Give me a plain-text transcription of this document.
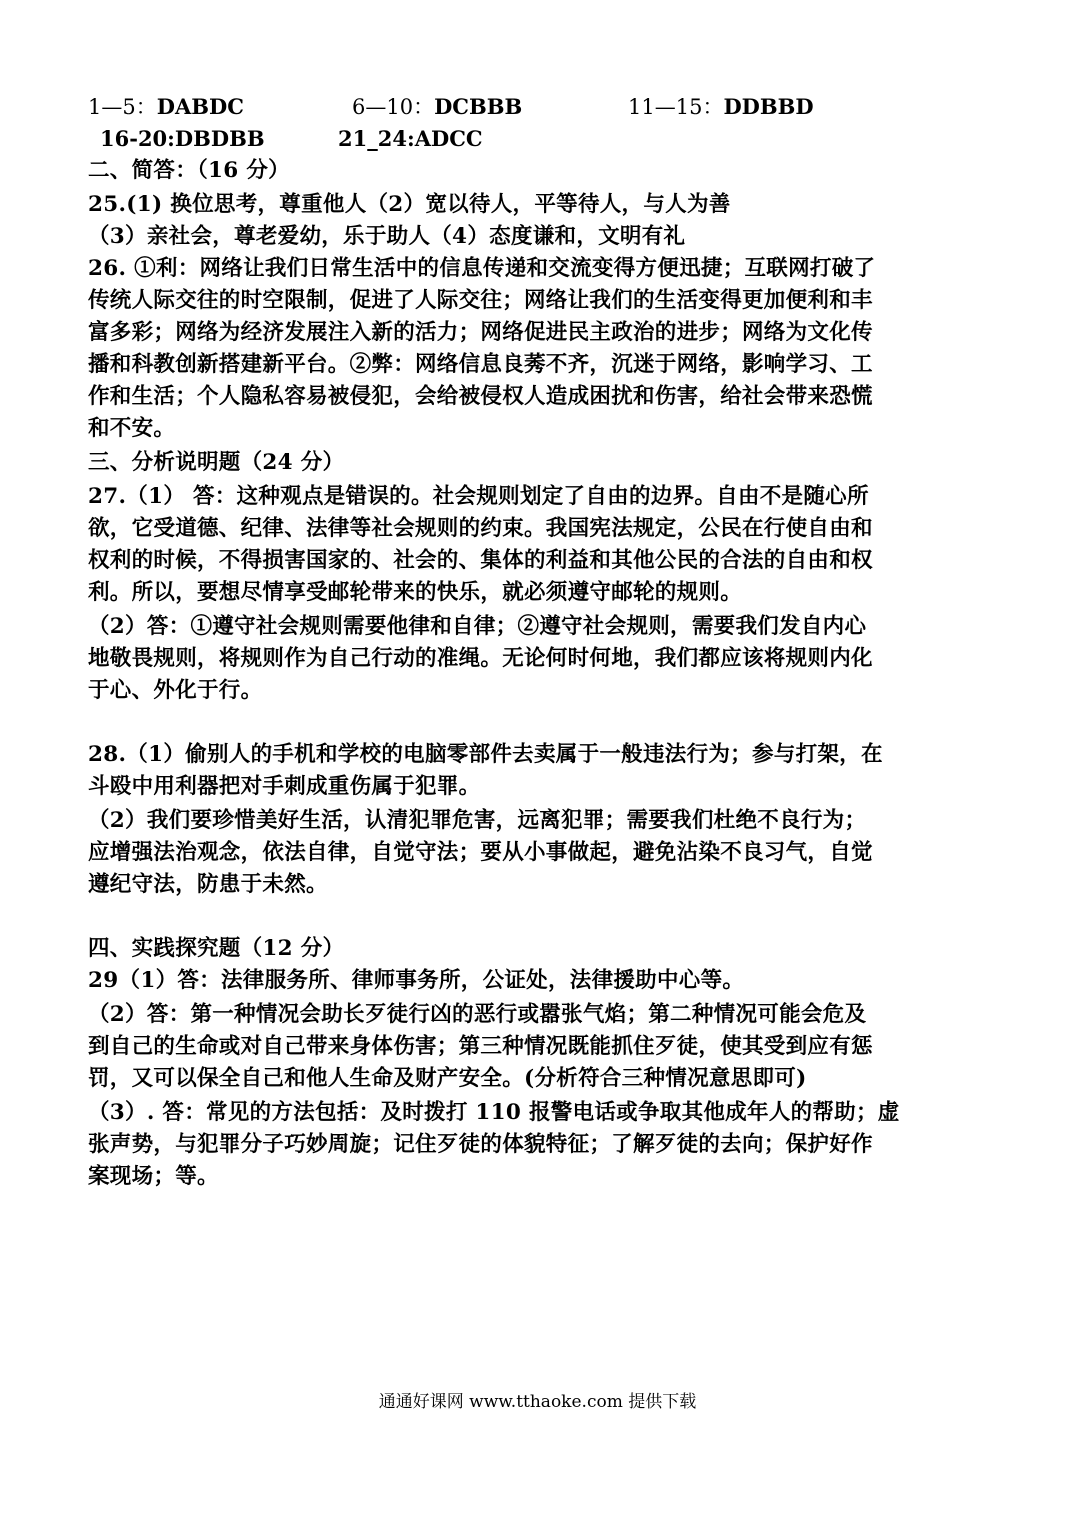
1—5：DABDC	6—10：DCBBB	11—15：DDBBD
16-20:DBDBB	21_24:ADCC
二、简答：（16 分）
25.(1) 换位思考，尊重他人（2）宽以待人，平等待人，与人为善
（3）亲社会，尊老爱幼，乐于助人（4）态度谦和，文明有礼
26. ①利：网络让我们日常生活中的信息传递和交流变得方便迅捷；互联网打破了
传统人际交往的时空限制，促进了人际交往；网络让我们的生活变得更加便利和丰
富多彩；网络为经济发展注入新的活力；网络促进民主政治的进步；网络为文化传
播和科教创新搭建新平台。②弊：网络信息良莠不齐，沉迷于网络，影响学习、工
作和生活；个人隐私容易被侵犯，会给被侵权人造成困扰和伤害，给社会带来恐慌
和不安。
三、分析说明题（24 分）
27.（1） 答：这种观点是错误的。社会规则划定了自由的边界。自由不是随心所
欲，它受道德、纪律、法律等社会规则的约束。我国宪法规定，公民在行使自由和
权利的时候，不得损害国家的、社会的、集体的利益和其他公民的合法的自由和权
利。所以，要想尽情享受邮轮带来的快乐，就必须遵守邮轮的规则。
（2）答：①遵守社会规则需要他律和自律；②遵守社会规则，需要我们发自内心
地敬畏规则，将规则作为自己行动的准绳。无论何时何地，我们都应该将规则内化
于心、外化于行。
28.（1）偷别人的手机和学校的电脑零部件去卖属于一般违法行为；参与打架，在
斗殴中用利器把对手刺成重伤属于犯罪。
（2）我们要珍惜美好生活，认清犯罪危害，远离犯罪；需要我们杜绝不良行为；
应增强法治观念，依法自律，自觉守法；要从小事做起，避免沾染不良习气，自觉
遵纪守法，防患于未然。
四、实践探究题（12 分）
29（1）答：法律服务所、律师事务所，公证处，法律援助中心等。
（2）答：第一种情况会助长歹徒行凶的恶行或嚣张气焰；第二种情况可能会危及
到自己的生命或对自己带来身体伤害；第三种情况既能抓住歹徒，使其受到应有惩
罚，又可以保全自己和他人生命及财产安全。(分析符合三种情况意思即可)
（3）. 答：常见的方法包括：及时拨打 110 报警电话或争取其他成年人的帮助；虚
张声势，与犯罪分子巧妙周旋；记住歹徒的体貌特征；了解歹徒的去向；保护好作
案现场；等。
通通好课网 www.tthaoke.com 提供下载
